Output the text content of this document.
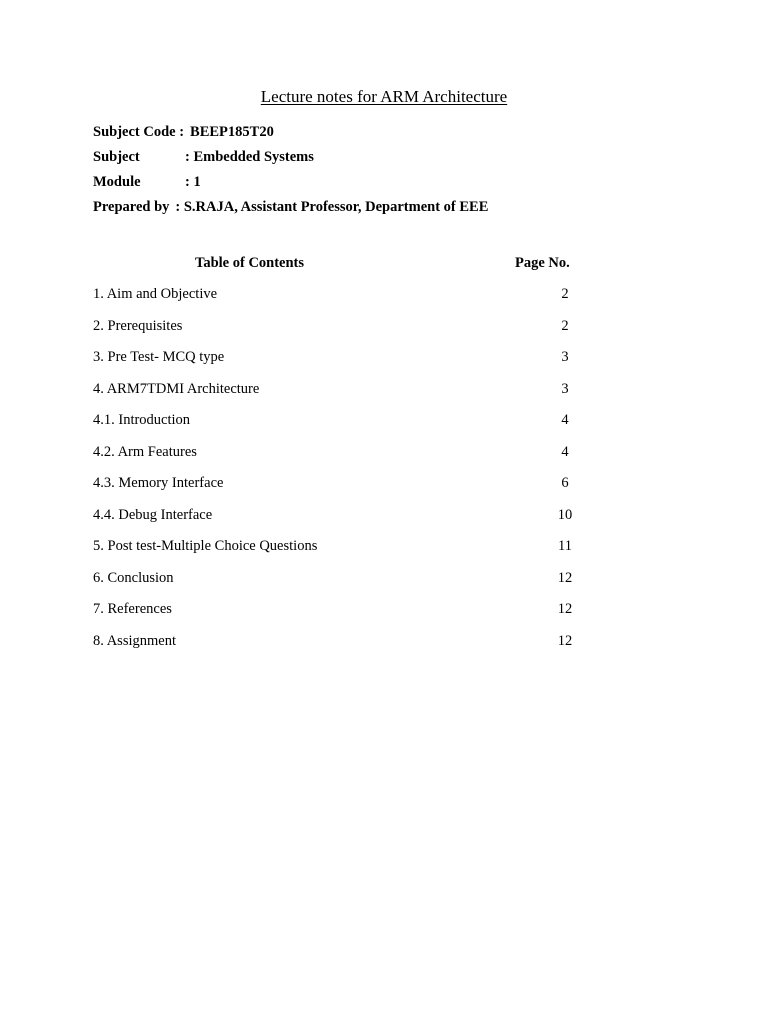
Lecture notes for ARM Architecture
Subject Code : BEEP185T20
Subject	: Embedded Systems
Module	: 1
Prepared by : S.RAJA, Assistant Professor, Department of EEE
Table of Contents	Page No.
1. Aim and Objective	2
2. Prerequisites	2
3. Pre Test- MCQ type	3
4. ARM7TDMI Architecture	3
4.1. Introduction	4
4.2. Arm Features	4
4.3. Memory Interface	6
4.4. Debug Interface	10
5. Post test-Multiple Choice Questions	11
6. Conclusion	12
7. References	12
8. Assignment	12
